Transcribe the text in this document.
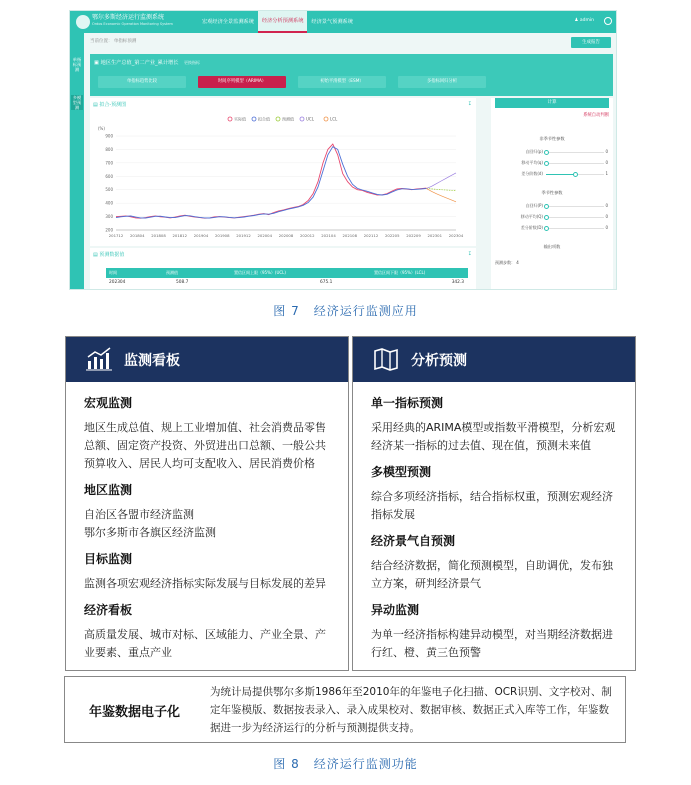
鄂尔多斯经济运行监测系统
Ordos Economic Operation Monitoring System	宏观经济全景监测系统	经济分析预测系统	经济景气预测系统	♟ admin
单指标预测
多模型预测
当前位置： 单指标预测	生成报告
▣ 地区生产总值_第二产业_累计增长 更换指标
单指标趋势比较	时间序列模型（ARIMA）	初始平滑模型（ESM）	多指标回归分析
▤ 拟合-预测图	↧
(%)
200
300
400
500
600
700
800
900
201712 201804 201808 201812 201904 201908 201912 202004 202008 202012 202104 202108 202112 202205 202209 202301 202304
实际值	拟合值	预测值	UCL	LCL
▤ 预测数据值	↧
时间	预测值	置信区间上限（95%）(UCL)	置信区间下限（95%）(LCL)
202304	508.7	675.1	342.3
计算
系统自动判断
非季节性参数
季节性参数
输出项数
预测步数： 4
自回归(p)	0
移动平均(q)	0
差分阶数(d)	1
自回归(P)	0
移动平均(Q)	0
差分阶数(D)	0
图 7 经济运行监测应用
监测看板
宏观监测
地区生成总值、规上工业增加值、社会消费品零售总额、固定资产投资、外贸进出口总额、一般公共预算收入、居民人均可支配收入、居民消费价格
地区监测
自治区各盟市经济监测
鄂尔多斯市各旗区经济监测
目标监测
监测各项宏观经济指标实际发展与目标发展的差异
经济看板
高质量发展、城市对标、区域能力、产业全景、产业要素、重点产业
分析预测
单一指标预测
采用经典的ARIMA模型或指数平滑模型，分析宏观经济某一指标的过去值、现在值，预测未来值
多模型预测
综合多项经济指标，结合指标权重，预测宏观经济指标发展
经济景气自预测
结合经济数据，简化预测模型，自助调优，发布独立方案，研判经济景气
异动监测
为单一经济指标构建异动模型，对当期经济数据进行红、橙、黄三色预警
年鉴数据电子化
为统计局提供鄂尔多斯1986年至2010年的年鉴电子化扫描、OCR识别、文字校对、制定年鉴模版、数据按表录入、录入成果校对、数据审核、数据正式入库等工作，年鉴数据进一步为经济运行的分析与预测提供支持。
图 8 经济运行监测功能
